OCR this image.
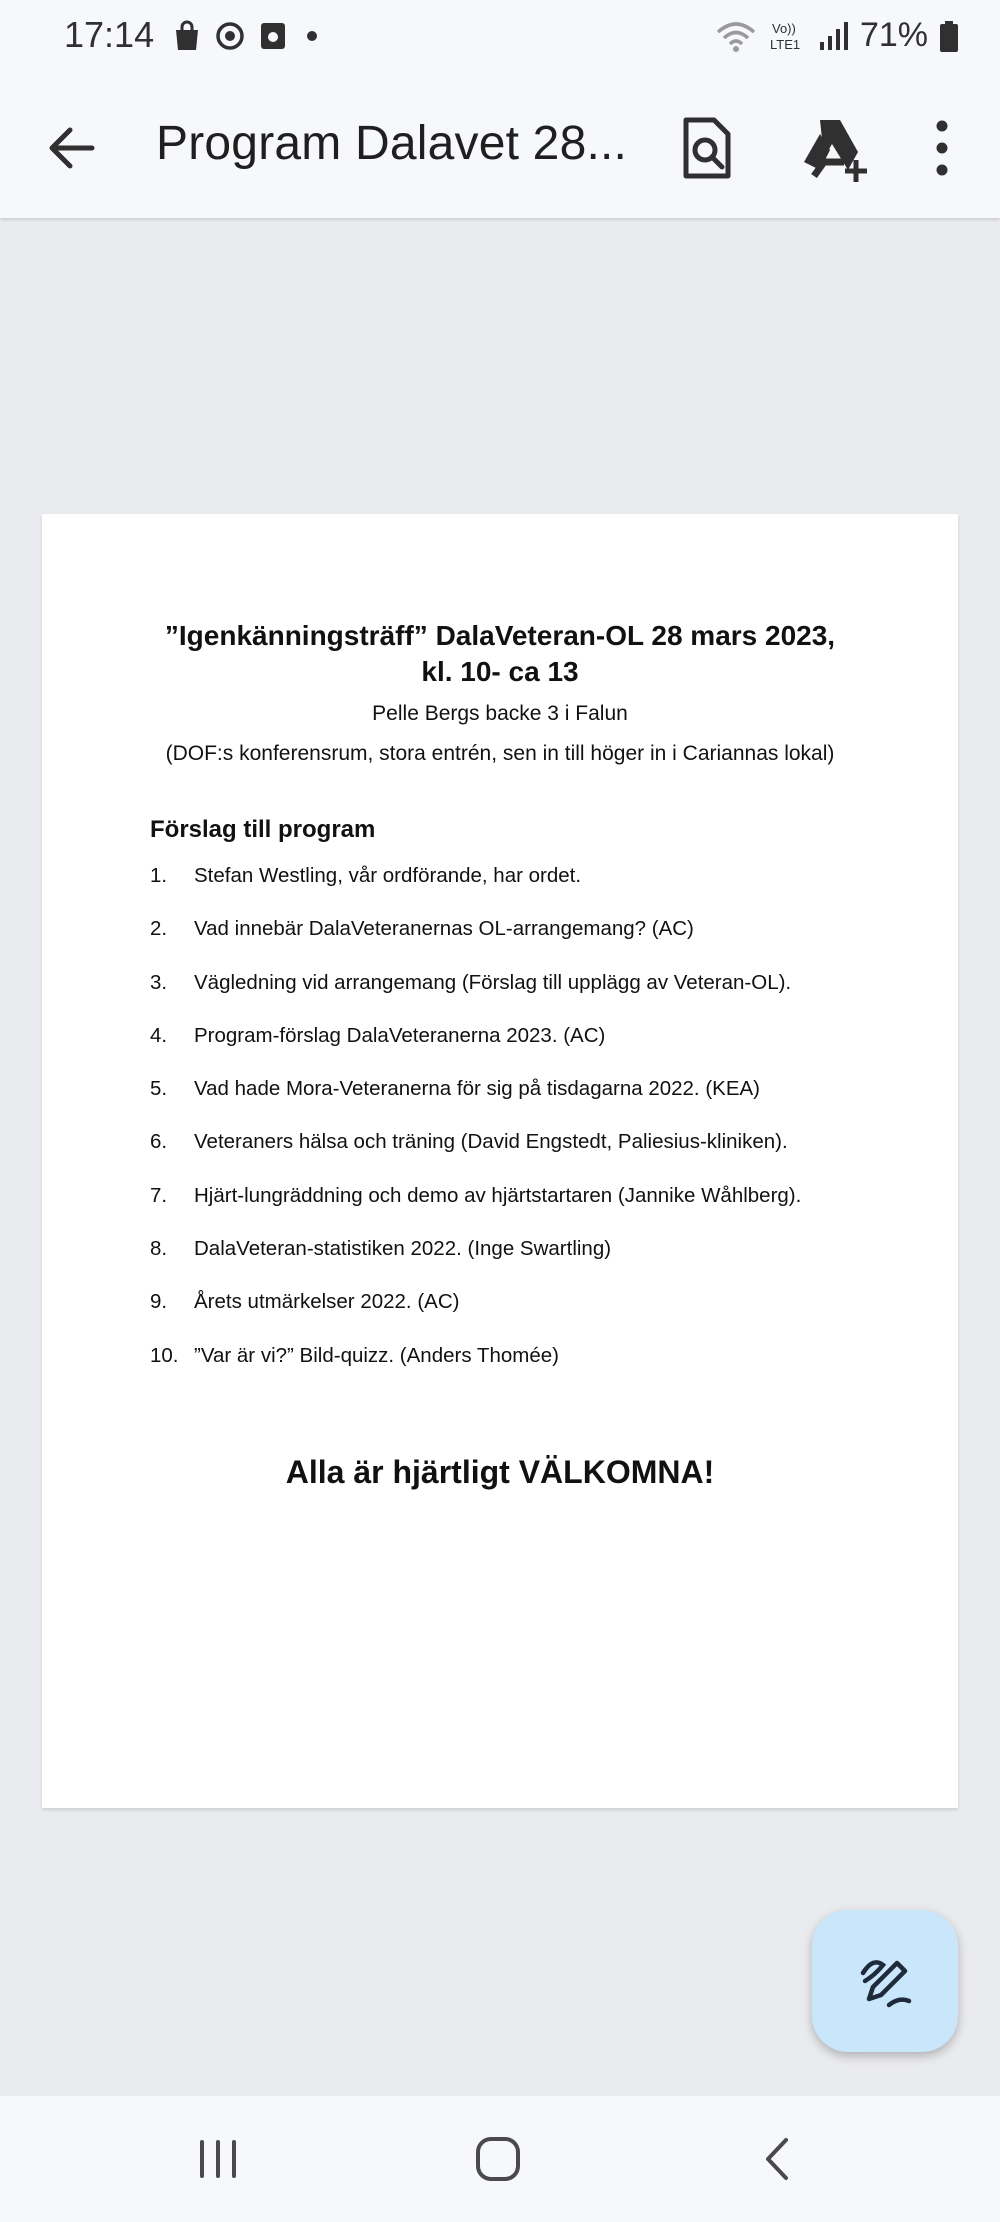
17:14	Vo))
LTE1 71%
Program Dalavet 28...
”Igenkänningsträff” DalaVeteran-OL 28 mars 2023,
kl. 10- ca 13
Pelle Bergs backe 3 i Falun
(DOF:s konferensrum, stora entrén, sen in till höger in i Cariannas lokal)
Förslag till program
1. Stefan Westling, vår ordförande, har ordet.
2. Vad innebär DalaVeteranernas OL-arrangemang? (AC)
3. Vägledning vid arrangemang (Förslag till upplägg av Veteran-OL).
4. Program-förslag DalaVeteranerna 2023. (AC)
5. Vad hade Mora-Veteranerna för sig på tisdagarna 2022. (KEA)
6. Veteraners hälsa och träning (David Engstedt, Paliesius-kliniken).
7. Hjärt-lungräddning och demo av hjärtstartaren (Jannike Wåhlberg).
8. DalaVeteran-statistiken 2022. (Inge Swartling)
9. Årets utmärkelser 2022. (AC)
10. ”Var är vi?” Bild-quizz. (Anders Thomée)
Alla är hjärtligt VÄLKOMNA!
